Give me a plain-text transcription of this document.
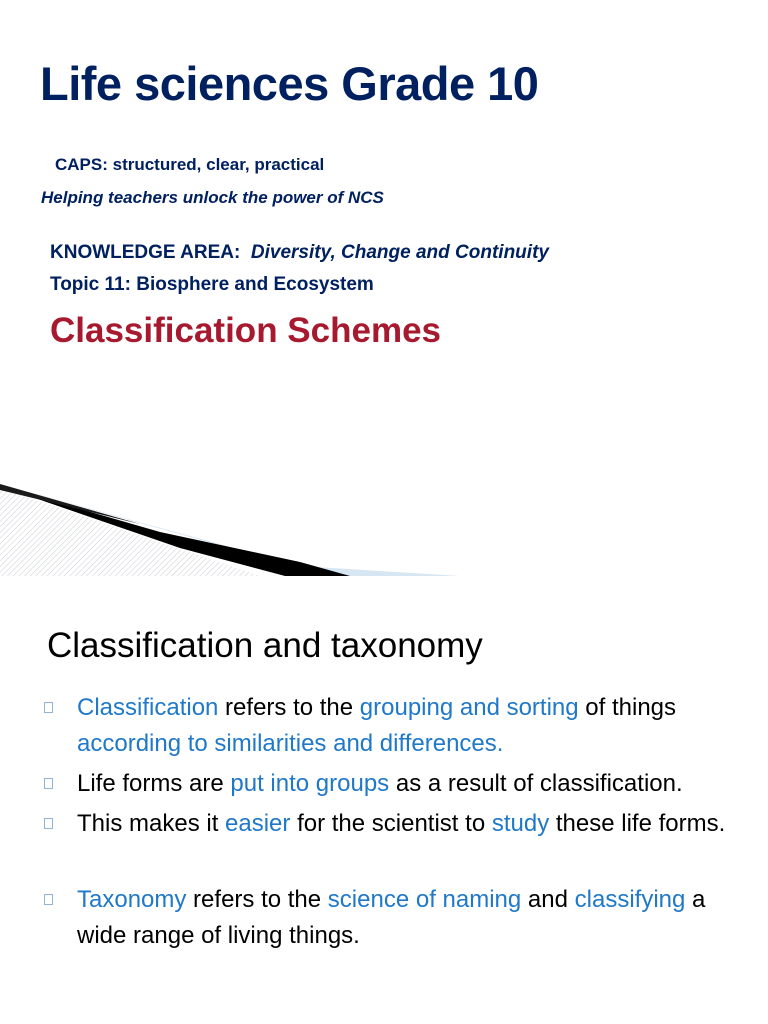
Life sciences Grade 10
CAPS: structured, clear, practical
Helping teachers unlock the power of NCS
KNOWLEDGE AREA: Diversity, Change and Continuity
Topic 11: Biosphere and Ecosystem
Classification Schemes
Classification and taxonomy
Classification refers to the grouping and sorting of things according to similarities and differences.
Life forms are put into groups as a result of classification.
This makes it easier for the scientist to study these life forms.
Taxonomy refers to the science of naming and classifying a wide range of living things.
